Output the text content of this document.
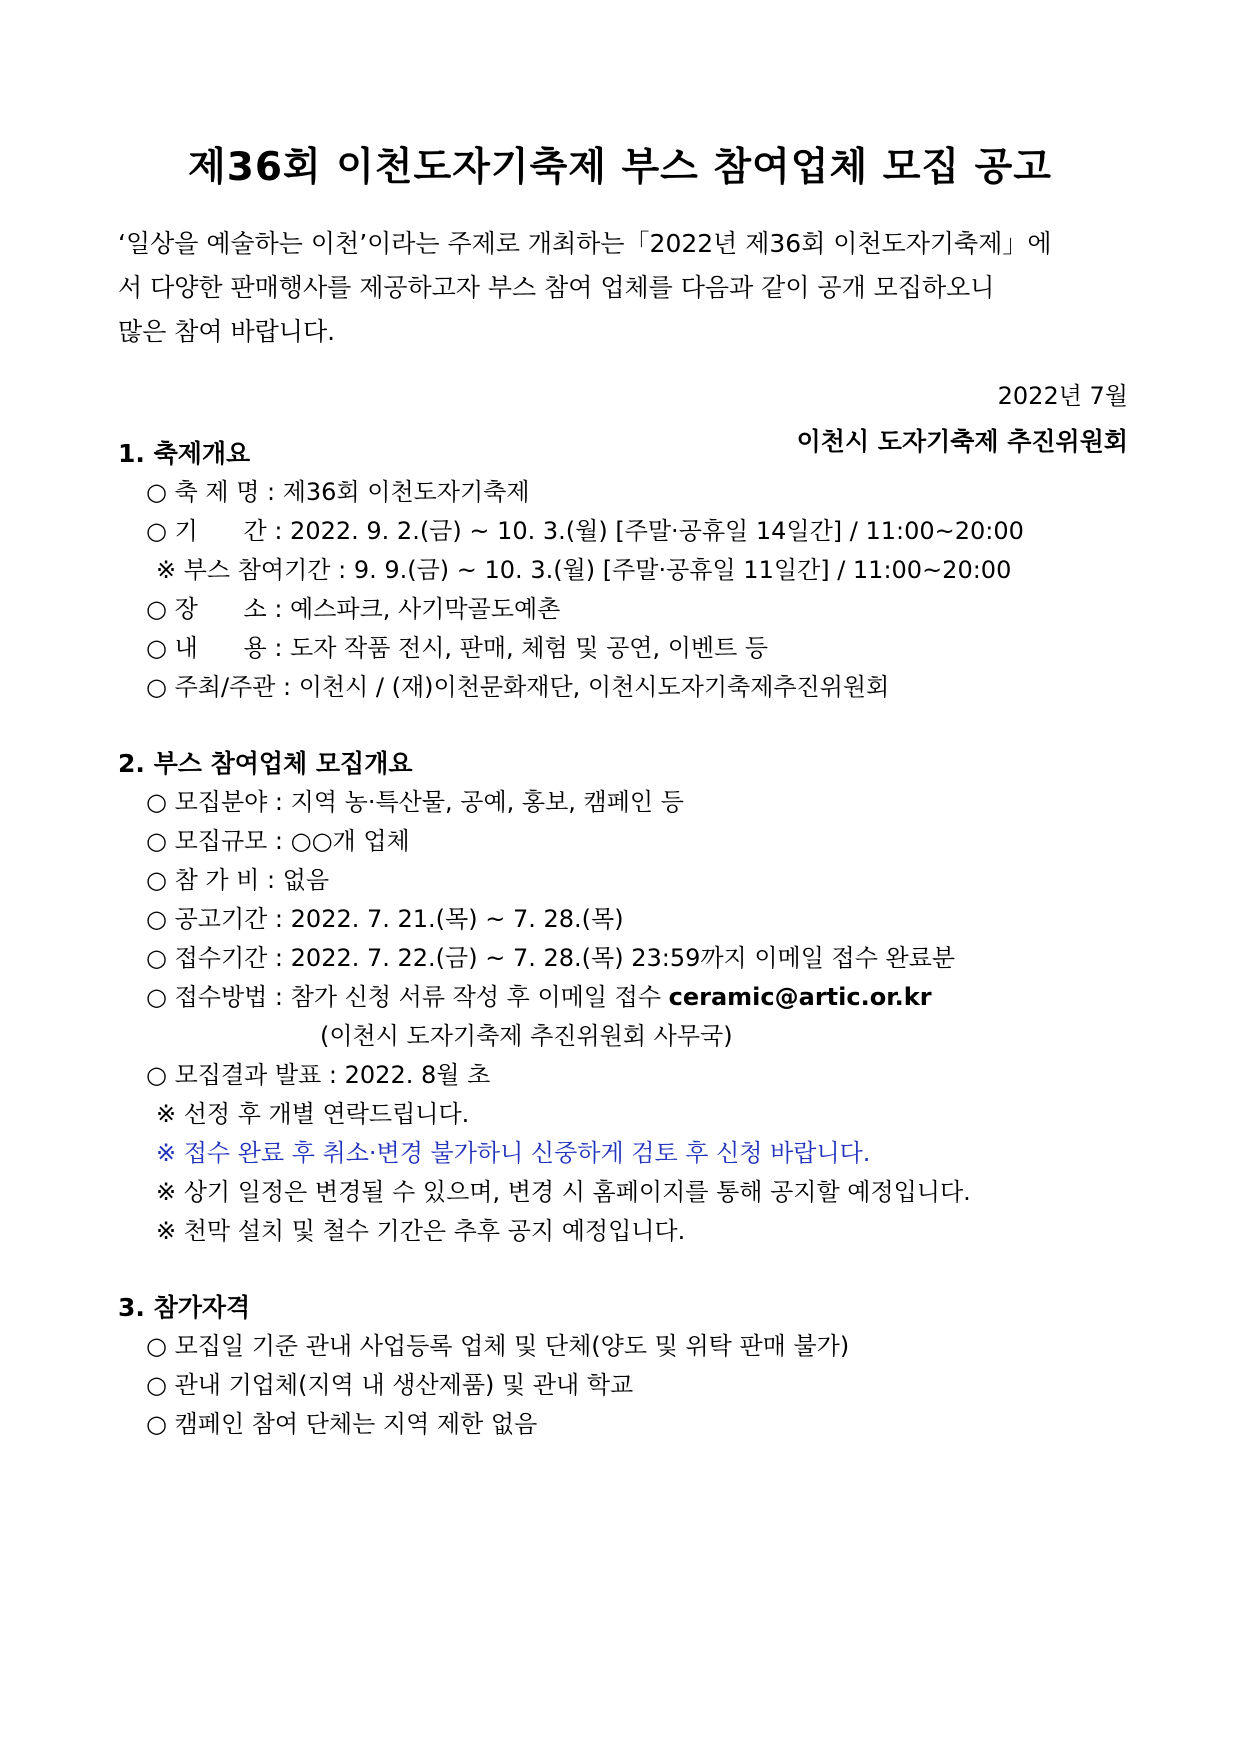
제36회 이천도자기축제 부스 참여업체 모집 공고
‘일상을 예술하는 이천’이라는 주제로 개최하는「2022년 제36회 이천도자기축제」에
서 다양한 판매행사를 제공하고자 부스 참여 업체를 다음과 같이 공개 모집하오니
많은 참여 바랍니다.
2022년 7월
이천시 도자기축제 추진위원회
1. 축제개요
○ 축 제 명 : 제36회 이천도자기축제
○ 기      간 : 2022. 9. 2.(금) ~ 10. 3.(월) [주말·공휴일 14일간] / 11:00~20:00
※ 부스 참여기간 : 9. 9.(금) ~ 10. 3.(월) [주말·공휴일 11일간] / 11:00~20:00
○ 장      소 : 예스파크, 사기막골도예촌
○ 내      용 : 도자 작품 전시, 판매, 체험 및 공연, 이벤트 등
○ 주최/주관 : 이천시 / (재)이천문화재단, 이천시도자기축제추진위원회
2. 부스 참여업체 모집개요
○ 모집분야 : 지역 농·특산물, 공예, 홍보, 캠페인 등
○ 모집규모 : ○○개 업체
○ 참 가 비 : 없음
○ 공고기간 : 2022. 7. 21.(목) ~ 7. 28.(목)
○ 접수기간 : 2022. 7. 22.(금) ~ 7. 28.(목) 23:59까지 이메일 접수 완료분
○ 접수방법 : 참가 신청 서류 작성 후 이메일 접수 ceramic@artic.or.kr
(이천시 도자기축제 추진위원회 사무국)
○ 모집결과 발표 : 2022. 8월 초
※ 선정 후 개별 연락드립니다.
※ 접수 완료 후 취소·변경 불가하니 신중하게 검토 후 신청 바랍니다.
※ 상기 일정은 변경될 수 있으며, 변경 시 홈페이지를 통해 공지할 예정입니다.
※ 천막 설치 및 철수 기간은 추후 공지 예정입니다.
3. 참가자격
○ 모집일 기준 관내 사업등록 업체 및 단체(양도 및 위탁 판매 불가)
○ 관내 기업체(지역 내 생산제품) 및 관내 학교
○ 캠페인 참여 단체는 지역 제한 없음
